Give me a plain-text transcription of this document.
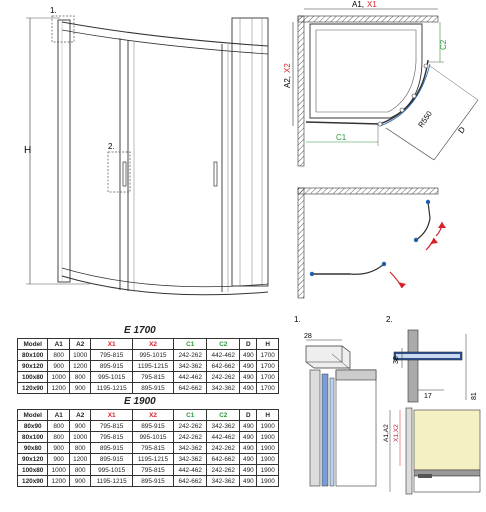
H
1.
2.
A1, X1
A2,
X2
C1
C2
R550
D
E 1700
Model	A1	A2	X1	X2	C1	C2	D	H
80x100	800	1000	795-815	995-1015	242-262	442-462	490	1700
90x120	900	1200	895-915	1195-1215	342-362	642-662	490	1700
100x80	1000	800	995-1015	795-815	442-462	242-262	490	1700
120x90	1200	900	1195-1215	895-915	642-662	342-362	490	1700
E 1900
Model	A1	A2	X1	X2	C1	C2	D	H
80x90	800	900	795-815	895-915	242-262	342-362	490	1900
80x100	800	1000	795-815	995-1015	242-262	442-462	490	1900
90x80	900	800	895-915	795-815	342-362	242-262	490	1900
90x120	900	1200	895-915	1195-1215	342-362	642-662	490	1900
100x80	1000	800	995-1015	795-815	442-462	242-262	490	1900
120x90	1200	900	1195-1215	895-915	642-662	342-362	490	1900
1.
28
2.
38
17	81
A1,A2 X1,X2
